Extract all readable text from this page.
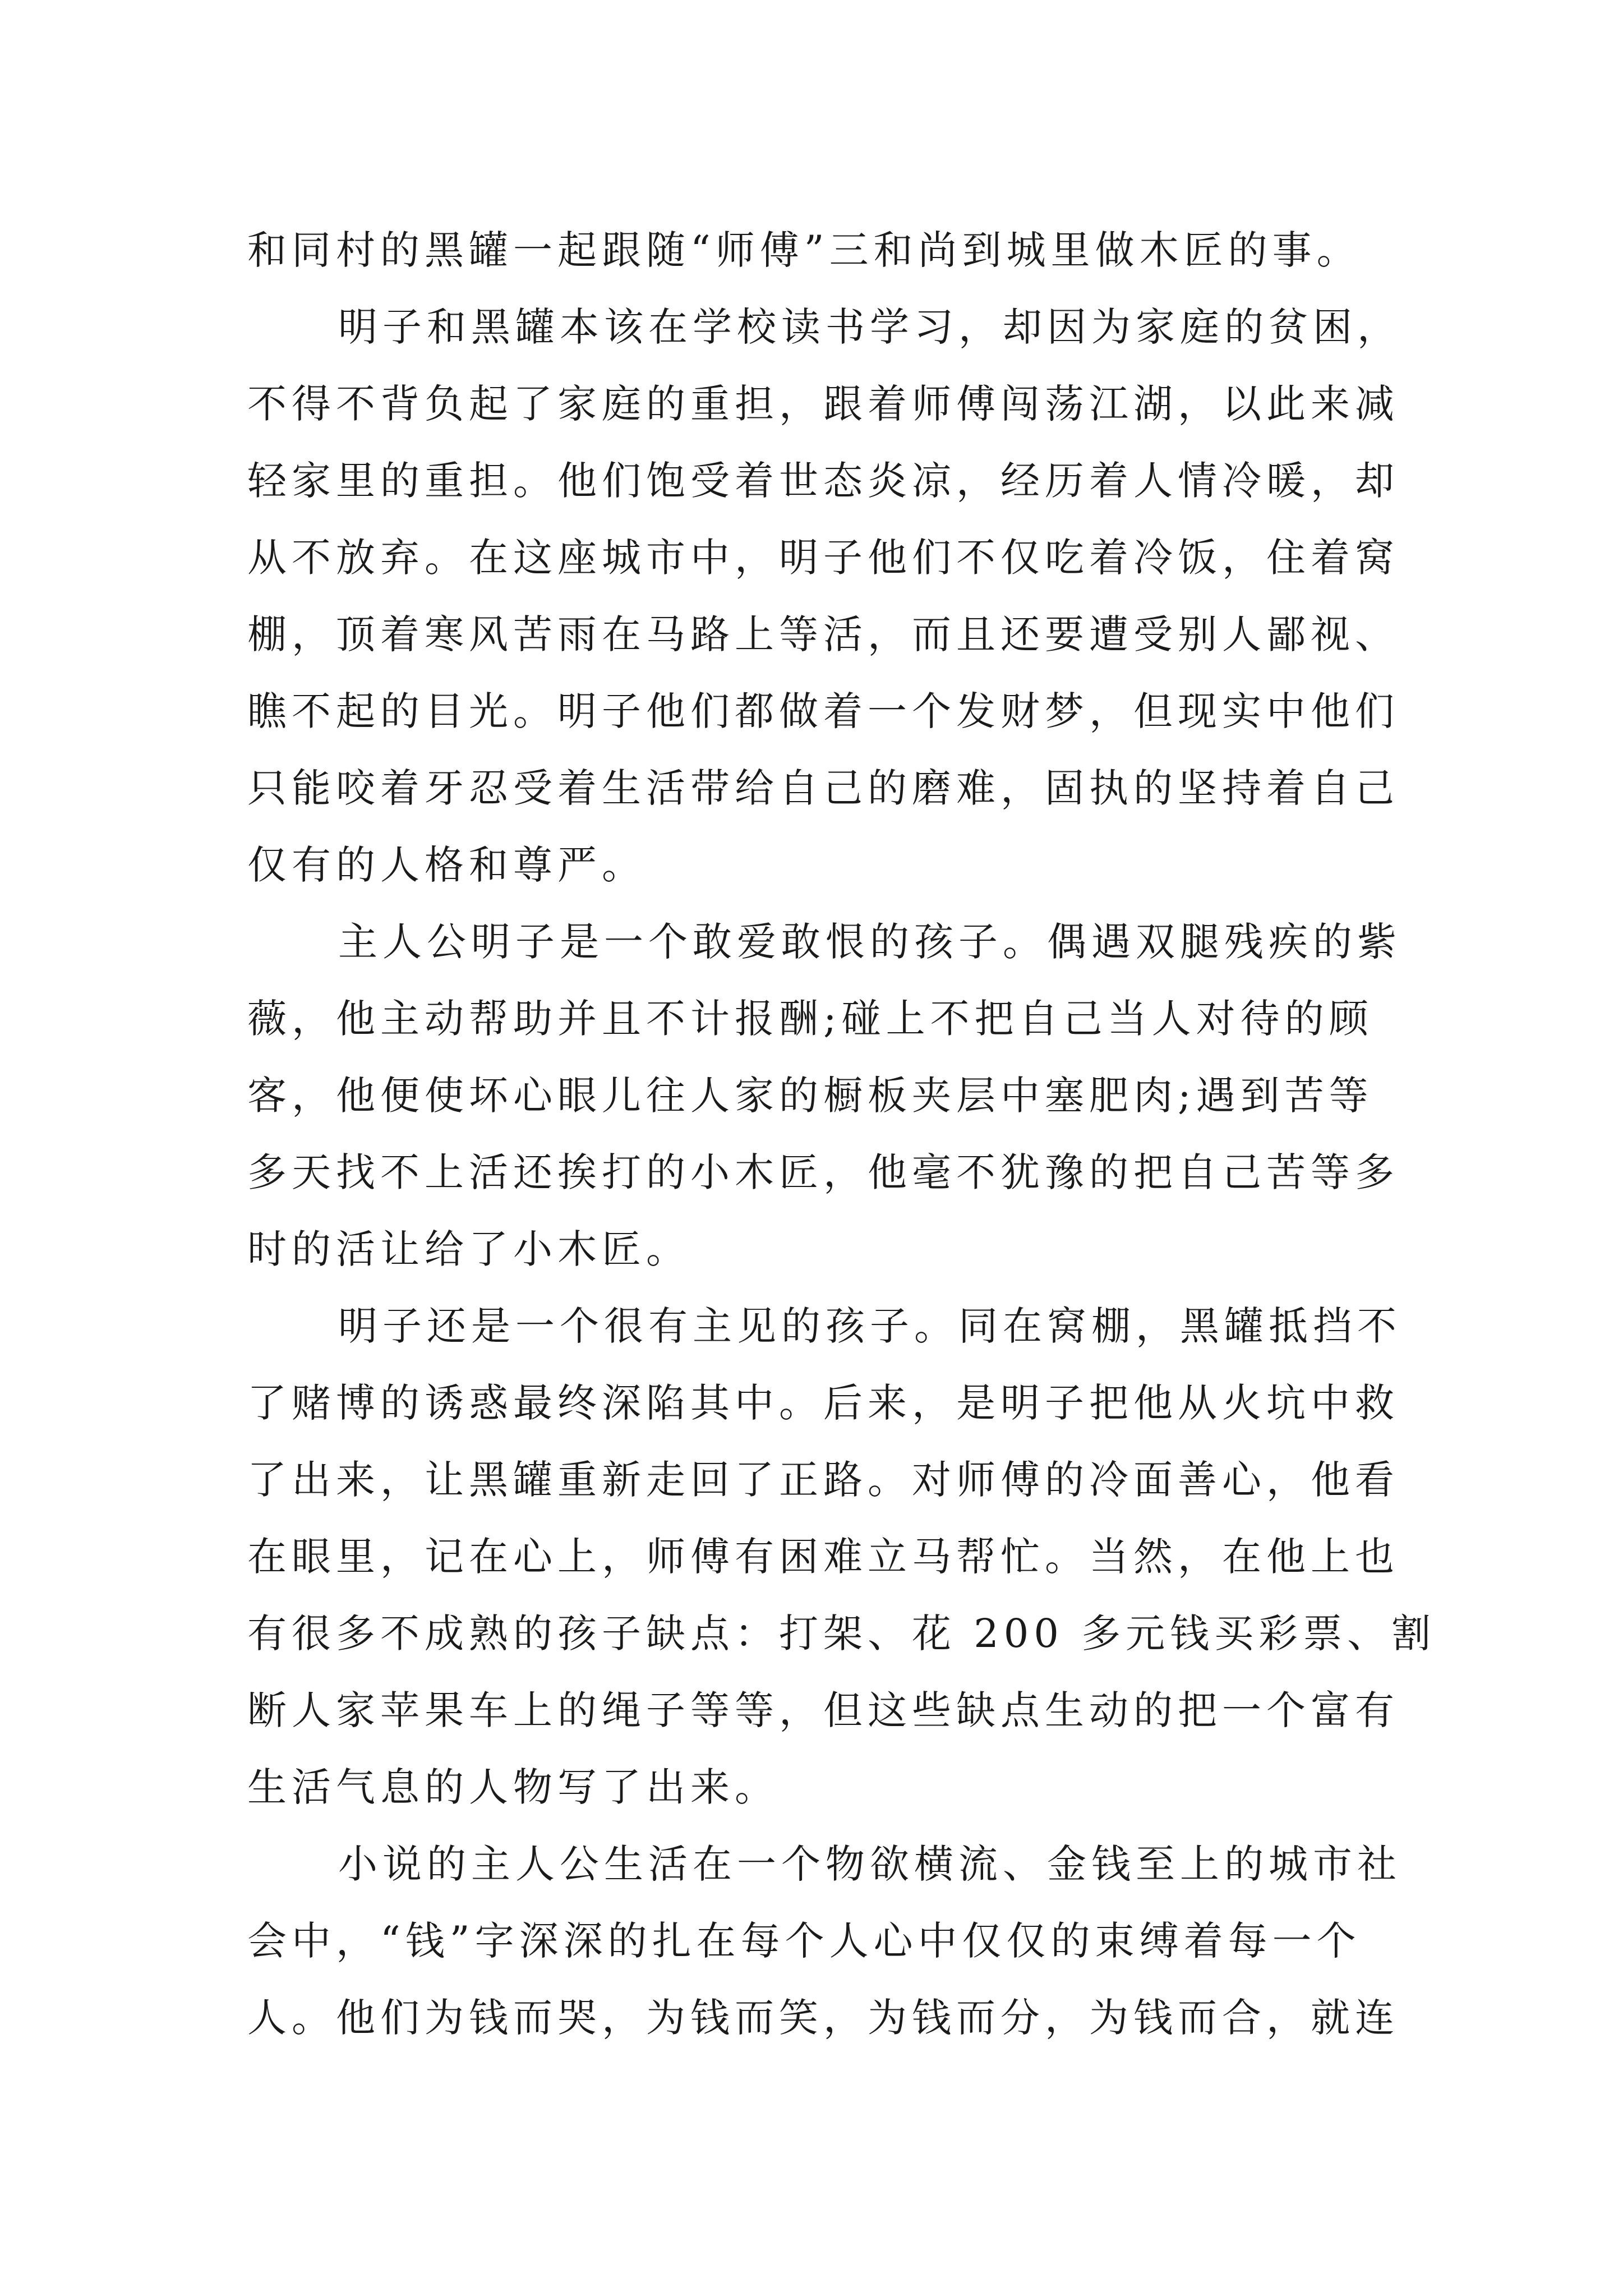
和同村的黑罐一起跟随“师傅”三和尚到城里做木匠的事。
明子和黑罐本该在学校读书学习，却因为家庭的贫困，
不得不背负起了家庭的重担，跟着师傅闯荡江湖，以此来减
轻家里的重担。他们饱受着世态炎凉，经历着人情冷暖，却
从不放弃。在这座城市中，明子他们不仅吃着冷饭，住着窝
棚，顶着寒风苦雨在马路上等活，而且还要遭受别人鄙视、
瞧不起的目光。明子他们都做着一个发财梦，但现实中他们
只能咬着牙忍受着生活带给自己的磨难，固执的坚持着自己
仅有的人格和尊严。
主人公明子是一个敢爱敢恨的孩子。偶遇双腿残疾的紫
薇，他主动帮助并且不计报酬;碰上不把自己当人对待的顾
客，他便使坏心眼儿往人家的橱板夹层中塞肥肉;遇到苦等
多天找不上活还挨打的小木匠，他毫不犹豫的把自己苦等多
时的活让给了小木匠。
明子还是一个很有主见的孩子。同在窝棚，黑罐抵挡不
了赌博的诱惑最终深陷其中。后来，是明子把他从火坑中救
了出来，让黑罐重新走回了正路。对师傅的冷面善心，他看
在眼里，记在心上，师傅有困难立马帮忙。当然，在他上也
有很多不成熟的孩子缺点：打架、花 200 多元钱买彩票、割
断人家苹果车上的绳子等等，但这些缺点生动的把一个富有
生活气息的人物写了出来。
小说的主人公生活在一个物欲横流、金钱至上的城市社
会中，“钱”字深深的扎在每个人心中仅仅的束缚着每一个
人。他们为钱而哭，为钱而笑，为钱而分，为钱而合，就连
